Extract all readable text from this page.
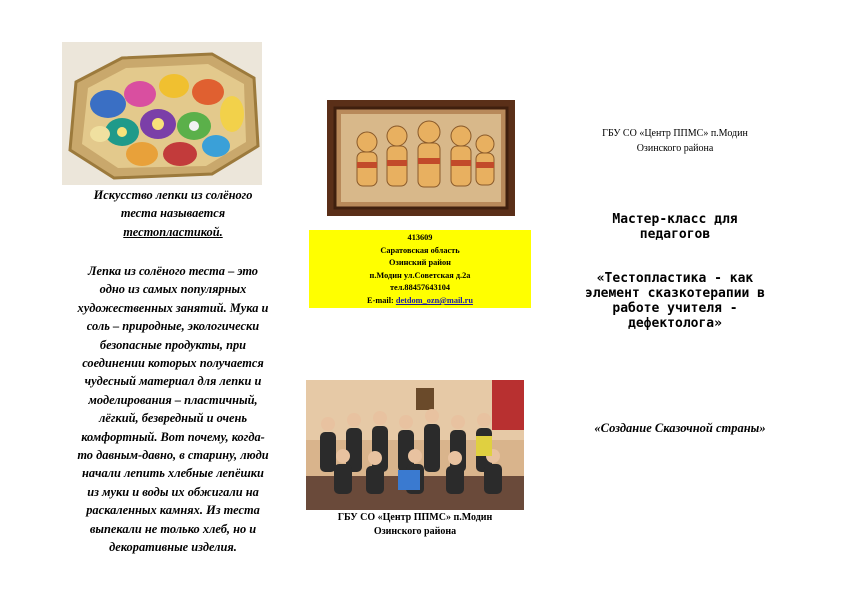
Искусство лепки из солёного
теста называется
тестопластикой.
Лепка из солёного теста – это
одно из самых популярных
художественных занятий. Мука и
соль – природные, экологически
безопасные продукты, при
соединении которых получается
чудесный материал для лепки и
моделирования – пластичный,
лёгкий, безвредный и очень
комфортный. Вот почему, когда-
то давным-давно, в старину, люди
начали лепить хлебные лепёшки
из муки и воды их обжигали на
раскаленных камнях. Из теста
выпекали не только хлеб, но и
декоративные изделия.
413609
Саратовская область
Озинский район
п.Модин ул.Советская д.2а
тел.88457643104
E-mail: detdom_ozn@mail.ru
ГБУ СО «Центр ППМС» п.Модин
Озинского района
ГБУ СО «Центр ППМС» п.Модин
Озинского района
Мастер-класс для
педагогов
«Тестопластика - как
элемент сказкотерапии в
работе учителя -
дефектолога»
«Создание Сказочной страны»
